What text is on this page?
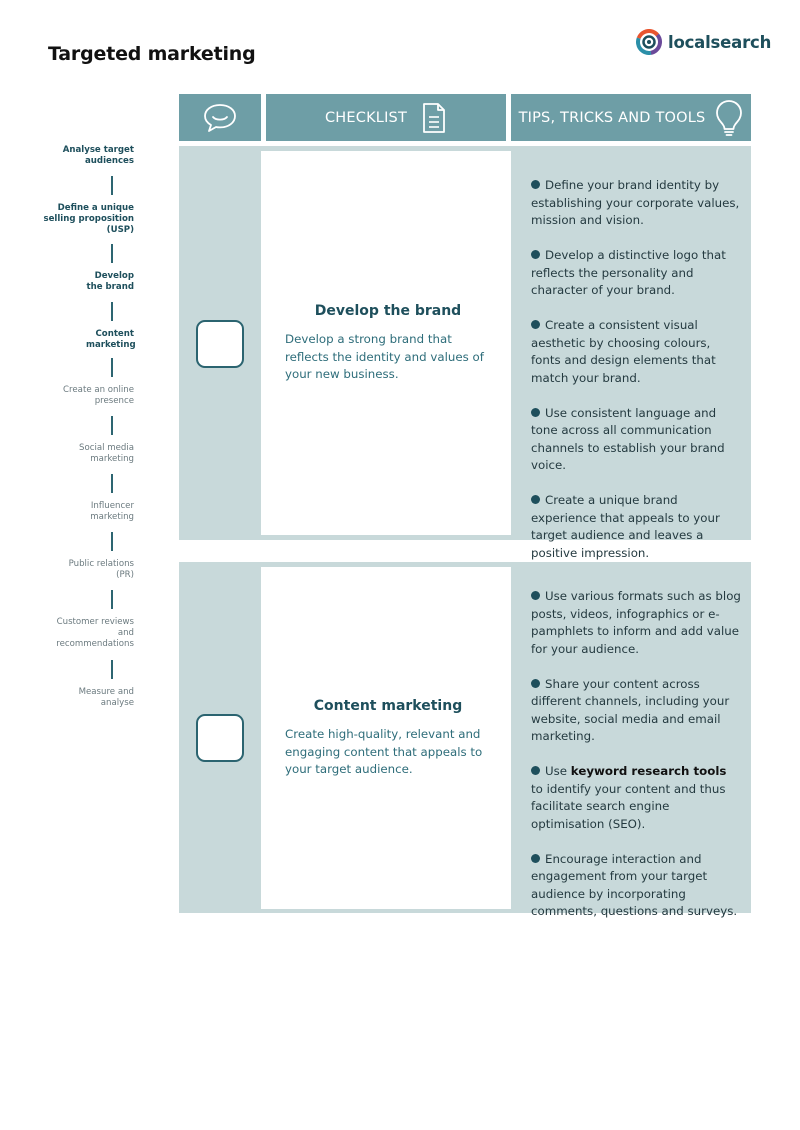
Targeted marketing
localsearch
CHECKLIST	TIPS, TRICKS AND TOOLS
Analyse target audiences
Define a unique selling proposition (USP)
Develop the brand
Content marketing
Create an online presence
Social media marketing
Influencer marketing
Public relations (PR)
Customer reviews and recommendations
Measure and analyse
Develop the brand
Develop a strong brand that reflects the identity and values of your new business.
Define your brand identity by establishing your corporate values, mission and vision.
Develop a distinctive logo that reflects the personality and character of your brand.
Create a consistent visual aesthetic by choosing colours, fonts and design elements that match your brand.
Use consistent language and tone across all communication channels to establish your brand voice.
Create a unique brand experience that appeals to your target audience and leaves a positive impression.
Content marketing
Create high-quality, relevant and engaging content that appeals to your target audience.
Use various formats such as blog posts, videos, infographics or e-pamphlets to inform and add value for your audience.
Share your content across different channels, including your website, social media and email marketing.
Use keyword research tools to identify your content and thus facilitate search engine optimisation (SEO).
Encourage interaction and engagement from your target audience by incorporating comments, questions and surveys.
